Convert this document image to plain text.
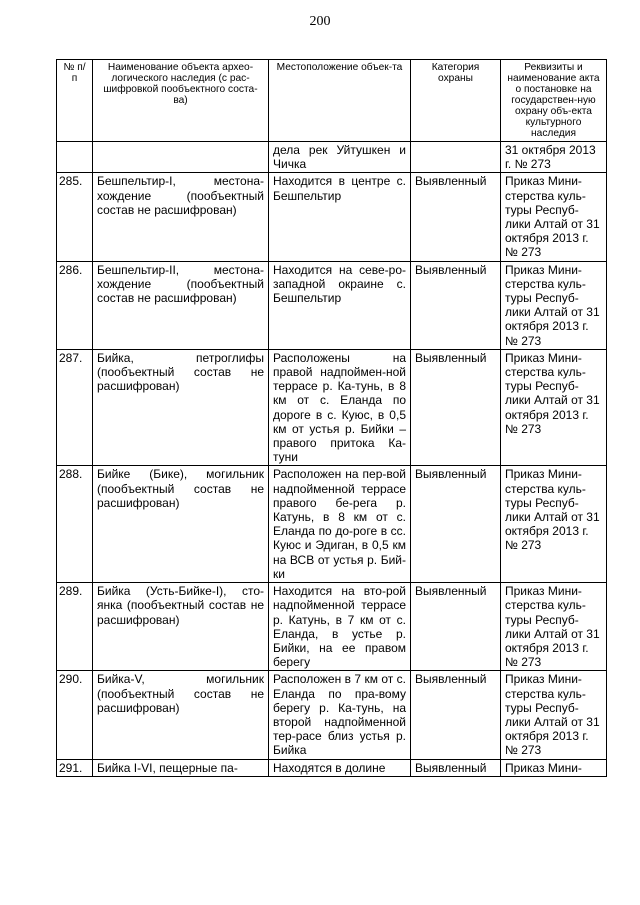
200
№ п/п	Наименование объекта архео-логического наследия (с рас-шифровкой пообъектного соста-ва)	Местоположение объек-та	Категория охраны	Реквизиты и наименование акта о постановке на государствен-ную охрану объ-екта культурного наследия
		дела рек Уйтушкен и Чичка		31 октября 2013 г. № 273
285.	Бешпельтир-I, местона-хождение (пообъектный состав не расшифрован)	Находится в центре с. Бешпельтир	Выявленный	Приказ Мини-стерства куль-туры Респуб-лики Алтай от 31 октября 2013 г. № 273
286.	Бешпельтир-II, местона-хождение (пообъектный состав не расшифрован)	Находится на севе-ро-западной окраине с. Бешпельтир	Выявленный	Приказ Мини-стерства куль-туры Респуб-лики Алтай от 31 октября 2013 г. № 273
287.	Бийка, петроглифы (пообъектный состав не расшифрован)	Расположены на правой надпоймен-ной террасе р. Ка-тунь, в 8 км от с. Еланда по дороге в с. Куюс, в 0,5 км от устья р. Бийки – правого притока Ка-туни	Выявленный	Приказ Мини-стерства куль-туры Респуб-лики Алтай от 31 октября 2013 г. № 273
288.	Бийке (Бике), могильник (пообъектный состав не расшифрован)	Расположен на пер-вой надпойменной террасе правого бе-рега р. Катунь, в 8 км от с. Еланда по до-роге в сс. Куюс и Эдиган, в 0,5 км на ВСВ от устья р. Бий-ки	Выявленный	Приказ Мини-стерства куль-туры Респуб-лики Алтай от 31 октября 2013 г. № 273
289.	Бийка (Усть-Бийке-I), сто-янка (пообъектный состав не расшифрован)	Находится на вто-рой надпойменной террасе р. Катунь, в 7 км от с. Еланда, в устье р. Бийки, на ее правом берегу	Выявленный	Приказ Мини-стерства куль-туры Респуб-лики Алтай от 31 октября 2013 г. № 273
290.	Бийка-V, могильник (пообъектный состав не расшифрован)	Расположен в 7 км от с. Еланда по пра-вому берегу р. Ка-тунь, на второй надпойменной тер-расе близ устья р. Бийка	Выявленный	Приказ Мини-стерства куль-туры Респуб-лики Алтай от 31 октября 2013 г. № 273
291.	Бийка I-VI, пещерные па-	Находятся в долине	Выявленный	Приказ Мини-
